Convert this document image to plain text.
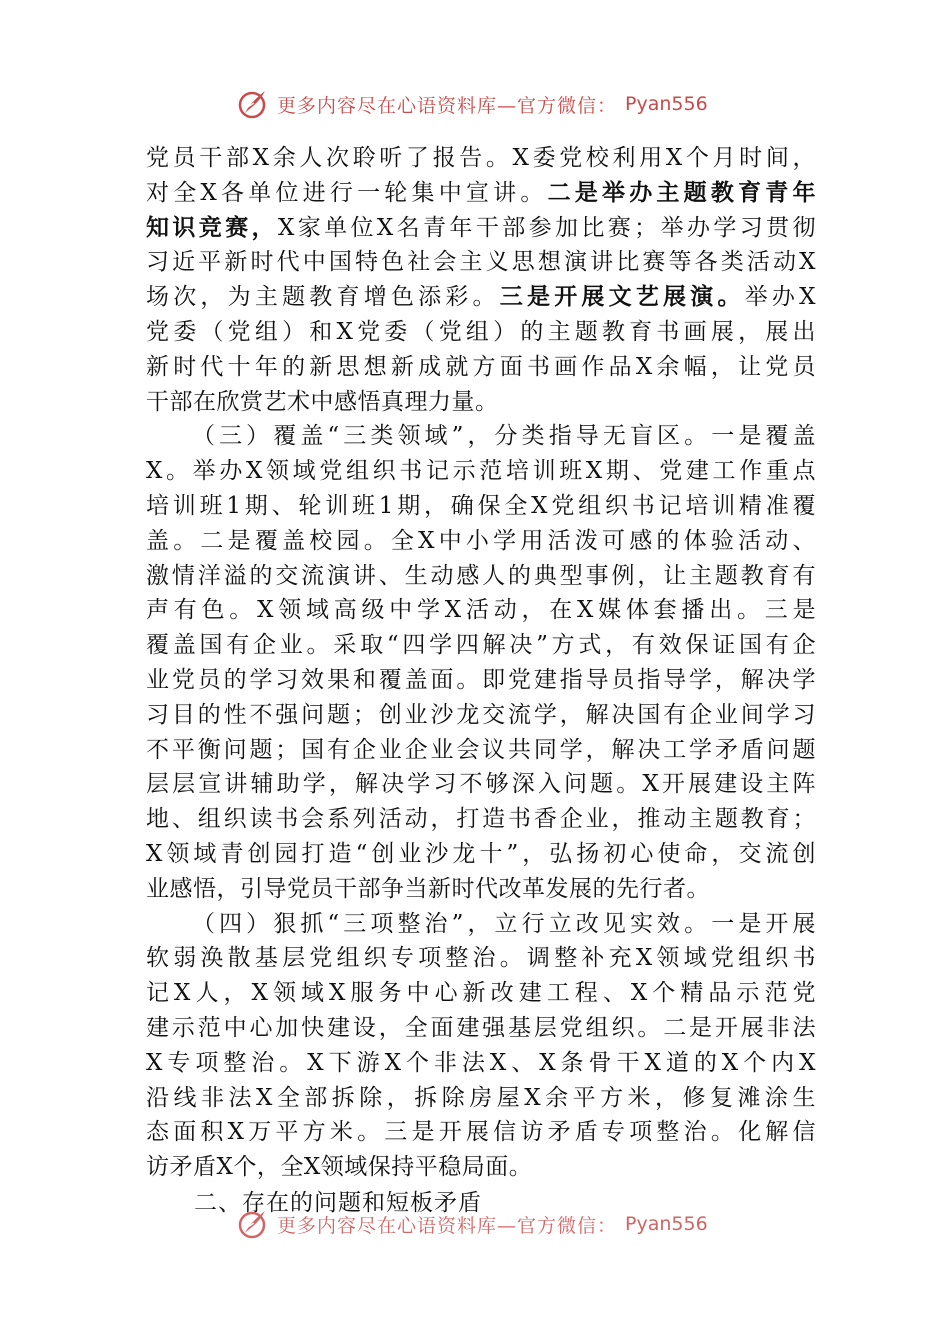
更多内容尽在心语资料库—官方微信： Pyan556
党员干部X余人次聆听了报告。X委党校利用X个月时间，
对全X各单位进行一轮集中宣讲。二是举办主题教育青年
知识竞赛，X家单位X名青年干部参加比赛；举办学习贯彻
习近平新时代中国特色社会主义思想演讲比赛等各类活动X
场次，为主题教育增色添彩。三是开展文艺展演。举办X
党委（党组）和X党委（党组）的主题教育书画展，展出
新时代十年的新思想新成就方面书画作品X余幅，让党员
干部在欣赏艺术中感悟真理力量。
（三）覆盖“三类领域”，分类指导无盲区。一是覆盖
X。举办X领域党组织书记示范培训班X期、党建工作重点
培训班1期、轮训班1期，确保全X党组织书记培训精准覆
盖。二是覆盖校园。全X中小学用活泼可感的体验活动、
激情洋溢的交流演讲、生动感人的典型事例，让主题教育有
声有色。X领域高级中学X活动，在X媒体套播出。三是
覆盖国有企业。采取“四学四解决”方式，有效保证国有企
业党员的学习效果和覆盖面。即党建指导员指导学，解决学
习目的性不强问题；创业沙龙交流学，解决国有企业间学习
不平衡问题；国有企业企业会议共同学，解决工学矛盾问题
层层宣讲辅助学，解决学习不够深入问题。X开展建设主阵
地、组织读书会系列活动，打造书香企业，推动主题教育；
X领域青创园打造“创业沙龙十”，弘扬初心使命，交流创
业感悟，引导党员干部争当新时代改革发展的先行者。
（四）狠抓“三项整治”，立行立改见实效。一是开展
软弱涣散基层党组织专项整治。调整补充X领域党组织书
记X人，X领域X服务中心新改建工程、X个精品示范党
建示范中心加快建设，全面建强基层党组织。二是开展非法
X专项整治。X下游X个非法X、X条骨干X道的X个内X
沿线非法X全部拆除，拆除房屋X余平方米，修复滩涂生
态面积X万平方米。三是开展信访矛盾专项整治。化解信
访矛盾X个，全X领域保持平稳局面。
二、存在的问题和短板矛盾
更多内容尽在心语资料库—官方微信： Pyan556
